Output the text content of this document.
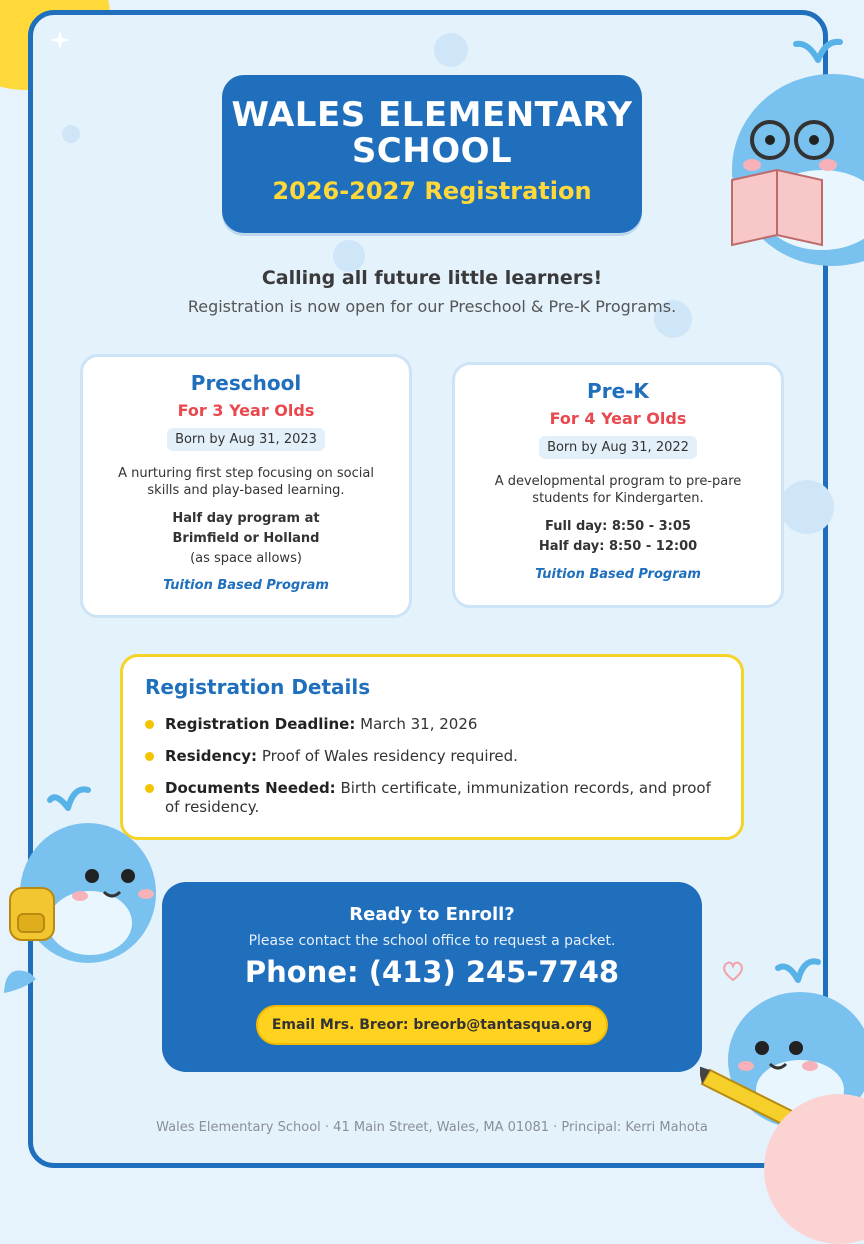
WALES ELEMENTARY SCHOOL
2026-2027 Registration
Calling all future little learners!
Registration is now open for our Preschool & Pre-K Programs.
Preschool
For 3 Year Olds
Born by Aug 31, 2023
A nurturing first step focusing on social skills and play-based learning.
Half day program at
Brimfield or Holland
(as space allows)
Tuition Based Program
Pre-K
For 4 Year Olds
Born by Aug 31, 2022
A developmental program to pre-pare students for Kindergarten.
Full day: 8:50 - 3:05
Half day: 8:50 - 12:00
Tuition Based Program
Registration Details
Registration Deadline: March 31, 2026
Residency: Proof of Wales residency required.
Documents Needed: Birth certificate, immunization records, and proof of residency.
Ready to Enroll?
Please contact the school office to request a packet.
Phone: (413) 245-7748
Email Mrs. Breor: breorb@tantasqua.org
Wales Elementary School · 41 Main Street, Wales, MA 01081 · Principal: Kerri Mahota
